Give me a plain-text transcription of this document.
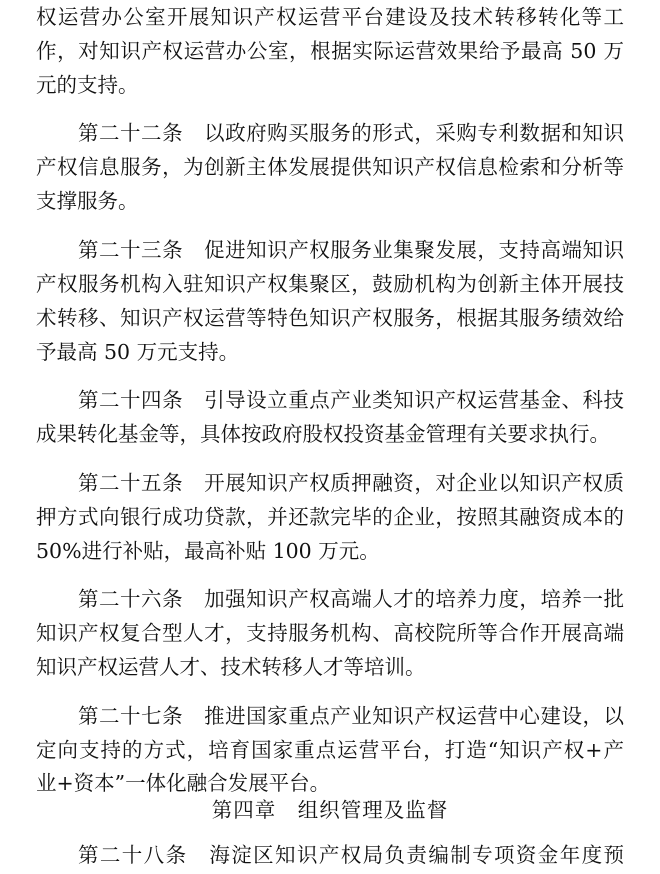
权运营办公室开展知识产权运营平台建设及技术转移转化等工
作，对知识产权运营办公室，根据实际运营效果给予最高 50 万
元的支持。
第二十二条　以政府购买服务的形式，采购专利数据和知识
产权信息服务，为创新主体发展提供知识产权信息检索和分析等
支撑服务。
第二十三条　促进知识产权服务业集聚发展，支持高端知识
产权服务机构入驻知识产权集聚区，鼓励机构为创新主体开展技
术转移、知识产权运营等特色知识产权服务，根据其服务绩效给
予最高 50 万元支持。
第二十四条　引导设立重点产业类知识产权运营基金、科技
成果转化基金等，具体按政府股权投资基金管理有关要求执行。
第二十五条　开展知识产权质押融资，对企业以知识产权质
押方式向银行成功贷款，并还款完毕的企业，按照其融资成本的
50%进行补贴，最高补贴 100 万元。
第二十六条　加强知识产权高端人才的培养力度，培养一批
知识产权复合型人才，支持服务机构、高校院所等合作开展高端
知识产权运营人才、技术转移人才等培训。
第二十七条　推进国家重点产业知识产权运营中心建设，以
定向支持的方式，培育国家重点运营平台，打造“知识产权+产
业+资本”一体化融合发展平台。
第四章　组织管理及监督
第二十八条　海淀区知识产权局负责编制专项资金年度预
